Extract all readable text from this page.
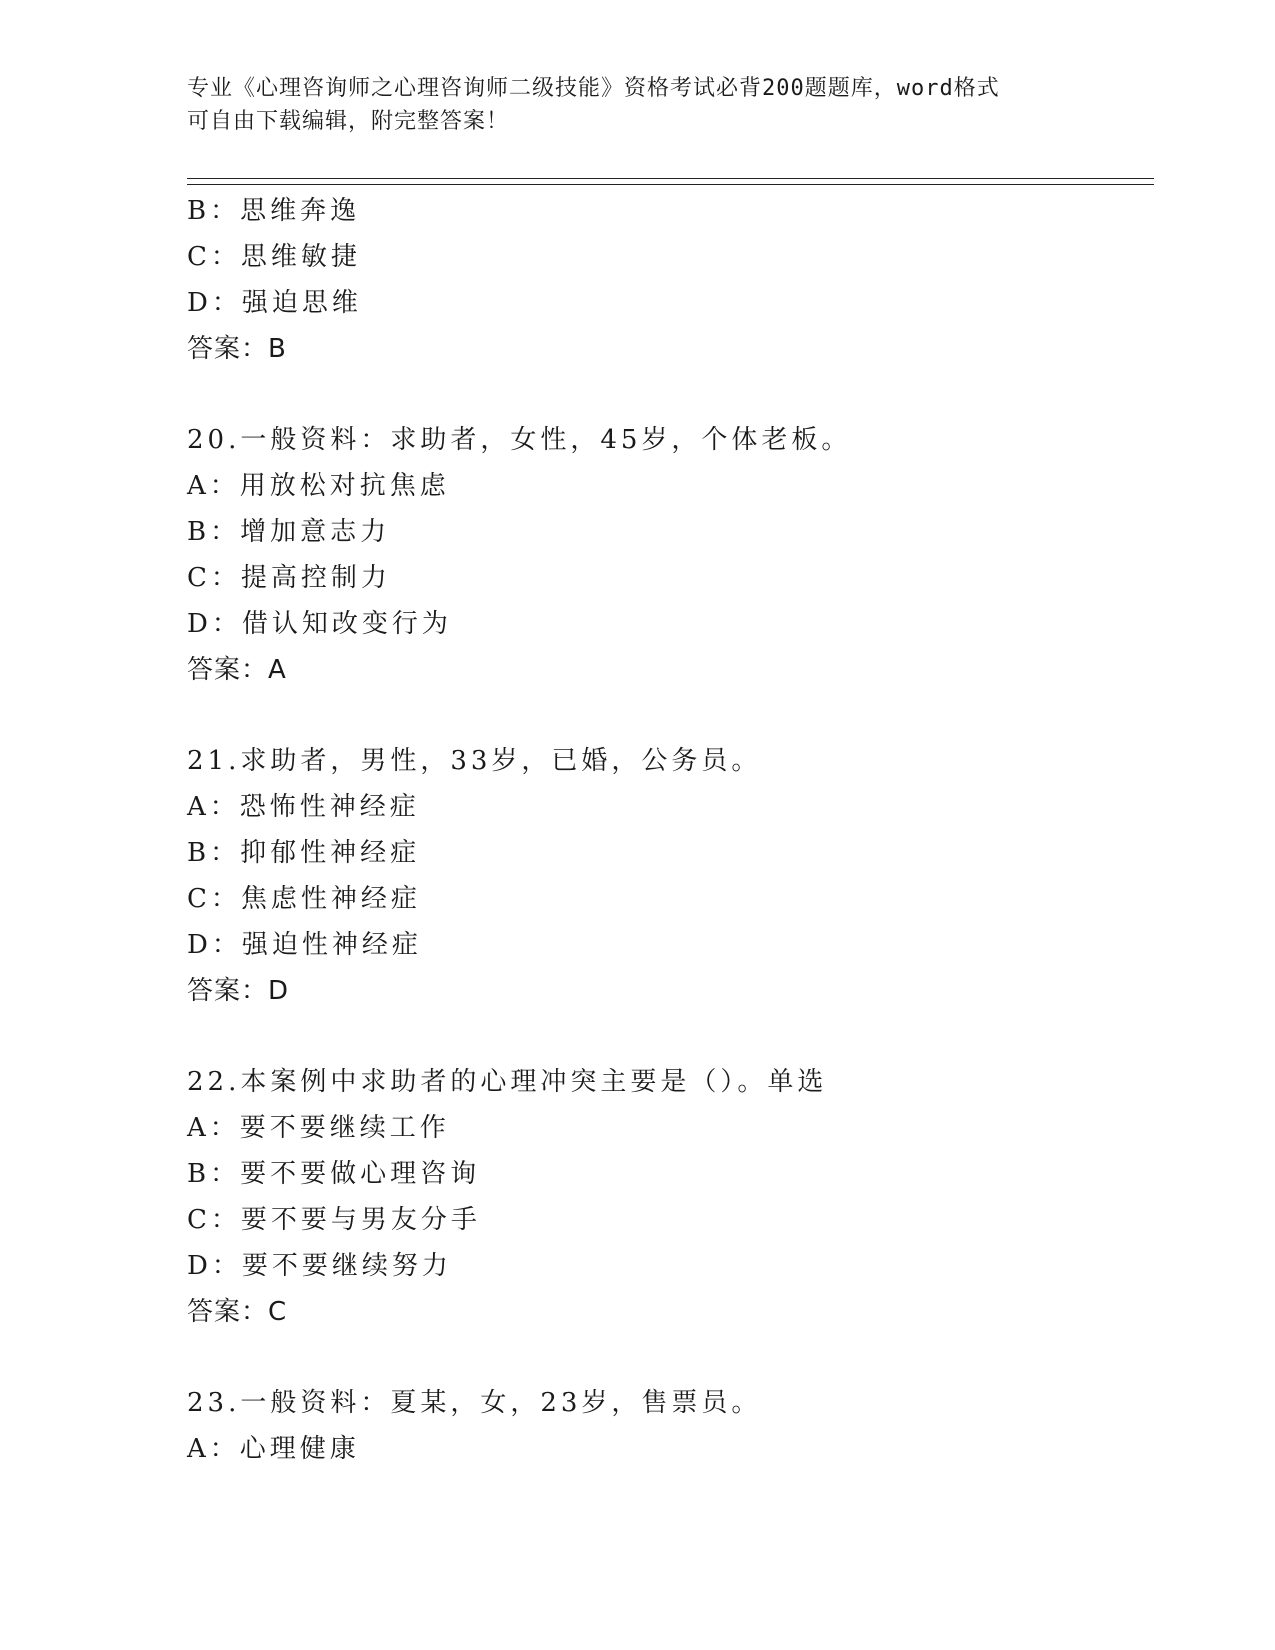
专业《心理咨询师之心理咨询师二级技能》资格考试必背200题题库，word格式
可自由下载编辑，附完整答案！
B：思维奔逸
C：思维敏捷
D：强迫思维
答案：B
20.一般资料：求助者，女性，45岁，个体老板。
A：用放松对抗焦虑
B：增加意志力
C：提高控制力
D：借认知改变行为
答案：A
21.求助者，男性，33岁，已婚，公务员。
A：恐怖性神经症
B：抑郁性神经症
C：焦虑性神经症
D：强迫性神经症
答案：D
22.本案例中求助者的心理冲突主要是（）。单选
A：要不要继续工作
B：要不要做心理咨询
C：要不要与男友分手
D：要不要继续努力
答案：C
23.一般资料：夏某，女，23岁，售票员。
A：心理健康
